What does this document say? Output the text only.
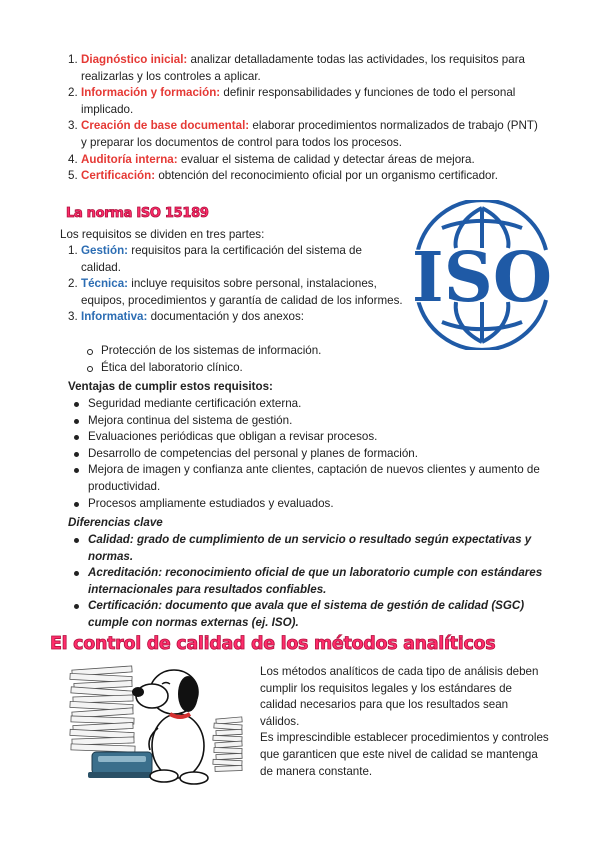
1. Diagnóstico inicial: analizar detalladamente todas las actividades, los requisitos para realizarlas y los controles a aplicar.
2. Información y formación: definir responsabilidades y funciones de todo el personal implicado.
3. Creación de base documental: elaborar procedimientos normalizados de trabajo (PNT) y preparar los documentos de control para todos los procesos.
4. Auditoría interna: evaluar el sistema de calidad y detectar áreas de mejora.
5. Certificación: obtención del reconocimiento oficial por un organismo certificador.
La norma ISO 15189
Los requisitos se dividen en tres partes:
1. Gestión: requisitos para la certificación del sistema de calidad.
2. Técnica: incluye requisitos sobre personal, instalaciones, equipos, procedimientos y garantía de calidad de los informes.
3. Informativa: documentación y dos anexos:
Protección de los sistemas de información.
Ética del laboratorio clínico.
ISO
Ventajas de cumplir estos requisitos:
Seguridad mediante certificación externa.
Mejora continua del sistema de gestión.
Evaluaciones periódicas que obligan a revisar procesos.
Desarrollo de competencias del personal y planes de formación.
Mejora de imagen y confianza ante clientes, captación de nuevos clientes y aumento de productividad.
Procesos ampliamente estudiados y evaluados.
Diferencias clave
Calidad: grado de cumplimiento de un servicio o resultado según expectativas y normas.
Acreditación: reconocimiento oficial de que un laboratorio cumple con estándares internacionales para resultados confiables.
Certificación: documento que avala que el sistema de gestión de calidad (SGC) cumple con normas externas (ej. ISO).
El control de calidad de los métodos analíticos
Los métodos analíticos de cada tipo de análisis deben cumplir los requisitos legales y los estándares de calidad necesarios para que los resultados sean válidos.
Es imprescindible establecer procedimientos y controles que garanticen que este nivel de calidad se mantenga de manera constante.
